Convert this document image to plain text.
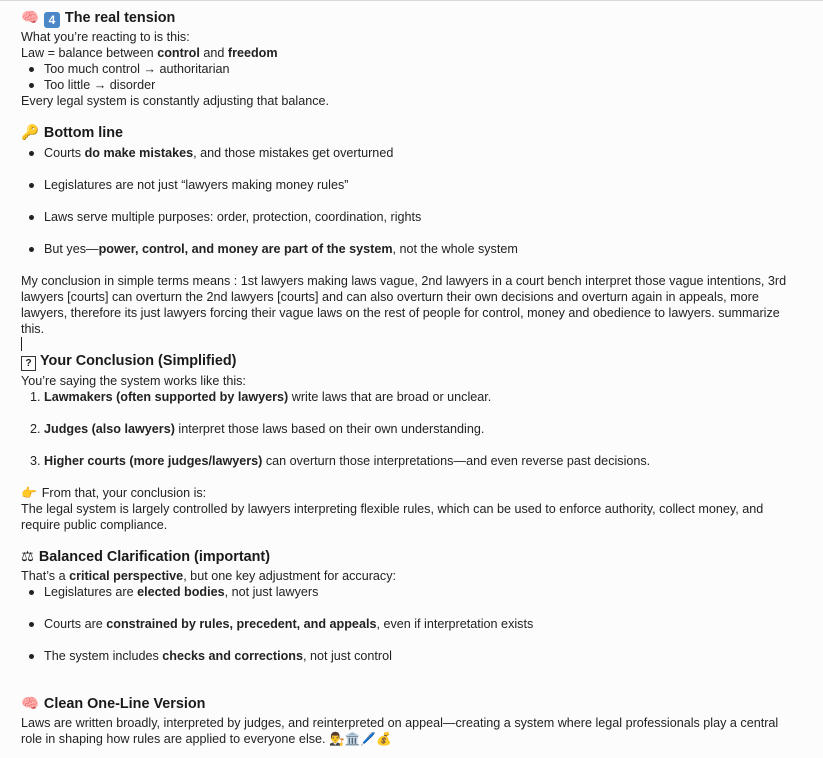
🧠 4 The real tension
What you’re reacting to is this:
Law = balance between control and freedom
Too much control → authoritarian
Too little → disorder
Every legal system is constantly adjusting that balance.
🔑 Bottom line
Courts do make mistakes, and those mistakes get overturned
Legislatures are not just “lawyers making money rules”
Laws serve multiple purposes: order, protection, coordination, rights
But yes—power, control, and money are part of the system, not the whole system
My conclusion in simple terms means : 1st lawyers making laws vague, 2nd lawyers in a court bench interpret those vague intentions, 3rd lawyers [courts] can overturn the 2nd lawyers [courts] and can also overturn their own decisions and overturn again in appeals, more lawyers, therefore its just lawyers forcing their vague laws on the rest of people for control, money and obedience to lawyers. summarize this.
? Your Conclusion (Simplified)
You’re saying the system works like this:
1. Lawmakers (often supported by lawyers) write laws that are broad or unclear.
2. Judges (also lawyers) interpret those laws based on their own understanding.
3. Higher courts (more judges/lawyers) can overturn those interpretations—and even reverse past decisions.
👉 From that, your conclusion is:
The legal system is largely controlled by lawyers interpreting flexible rules, which can be used to enforce authority, collect money, and require public compliance.
⚖ Balanced Clarification (important)
That’s a critical perspective, but one key adjustment for accuracy:
Legislatures are elected bodies, not just lawyers
Courts are constrained by rules, precedent, and appeals, even if interpretation exists
The system includes checks and corrections, not just control
🧠 Clean One-Line Version
Laws are written broadly, interpreted by judges, and reinterpreted on appeal—creating a system where legal professionals play a central role in shaping how rules are applied to everyone else. 👨‍⚖️🏛️🖊️💰
